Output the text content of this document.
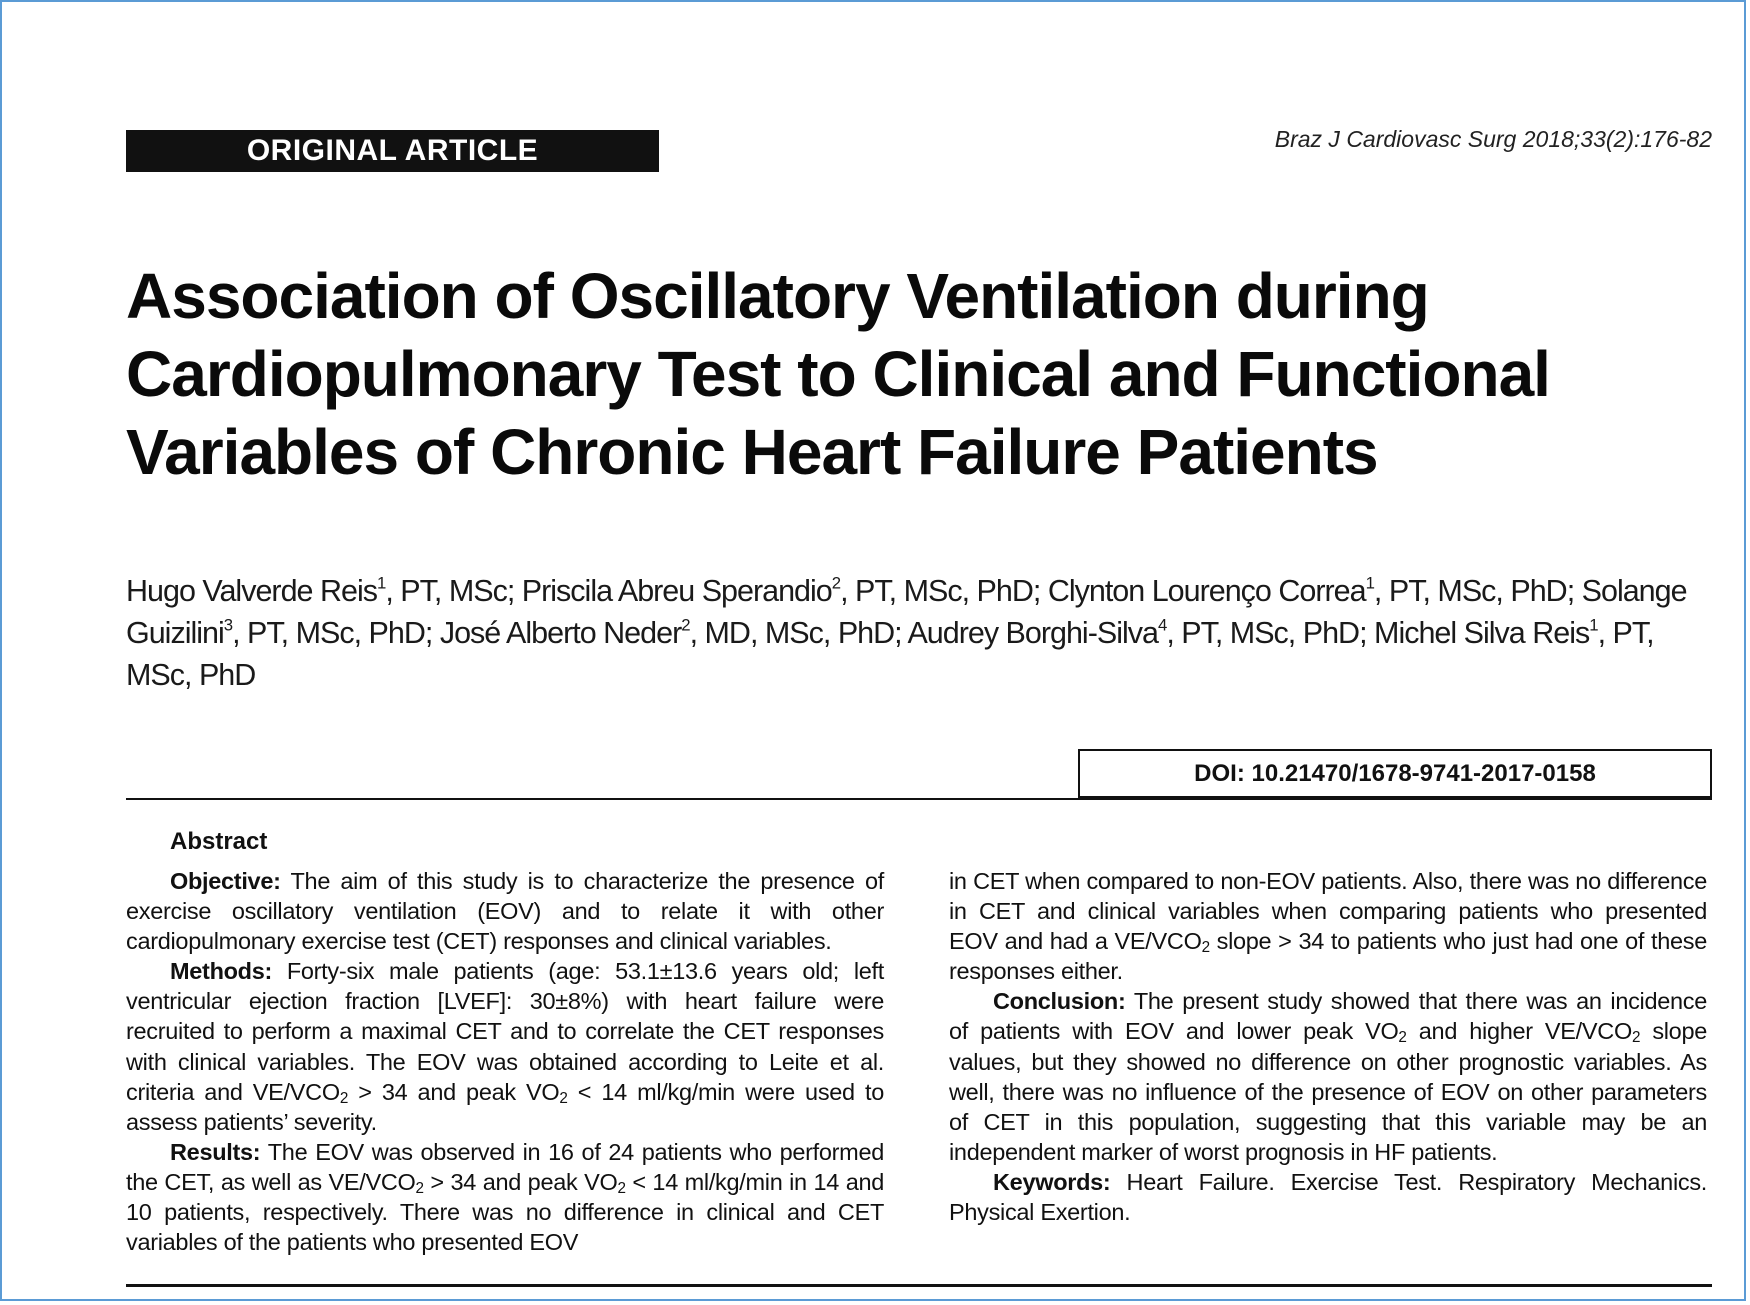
ORIGINAL ARTICLE	Braz J Cardiovasc Surg 2018;33(2):176-82
Association of Oscillatory Ventilation during
Cardiopulmonary Test to Clinical and Functional
Variables of Chronic Heart Failure Patients

Hugo Valverde Reis$^1$, PT, MSc; Priscila Abreu Sperandio$^2$, PT, MSc, PhD; Clynton Lourenço Correa$^1$, PT, MSc, PhD; Solange Guizilini$^3$, PT, MSc, PhD; José Alberto Neder$^2$, MD, MSc, PhD; Audrey Borghi-Silva$^4$, PT, MSc, PhD; Michel Silva Reis$^1$, PT, MSc, PhD

DOI: 10.21470/1678-9741-2017-0158
Abstract

Objective: The aim of this study is to characterize the presence of exercise oscillatory ventilation (EOV) and to relate it with other cardiopulmonary exercise test (CET) responses and clinical variables.

Methods: Forty-six male patients (age: 53.1±13.6 years old; left ventricular ejection fraction [LVEF]: 30±8%) with heart failure were recruited to perform a maximal CET and to correlate the CET responses with clinical variables. The EOV was obtained according to Leite et al. criteria and $VE/VCO_2 > 34$ and peak $VO_2 < 14$ ml/kg/min were used to assess patients’ severity.

Results: The EOV was observed in 16 of 24 patients who performed the CET, as well as $VE/VCO_2 > 34$ and peak $VO_2 < 14$ ml/kg/min in 14 and 10 patients, respectively. There was no difference in clinical and CET variables of the patients who presented EOV

in CET when compared to non-EOV patients. Also, there was no difference in CET and clinical variables when comparing patients who presented EOV and had a $VE/VCO_2$ slope > 34 to patients who just had one of these responses either.

Conclusion: The present study showed that there was an incidence of patients with EOV and lower peak $VO_2$ and higher $VE/VCO_2$ slope values, but they showed no difference on other prognostic variables. As well, there was no influence of the presence of EOV on other parameters of CET in this population, suggesting that this variable may be an independent marker of worst prognosis in HF patients.

Keywords: Heart Failure. Exercise Test. Respiratory Mechanics. Physical Exertion.
